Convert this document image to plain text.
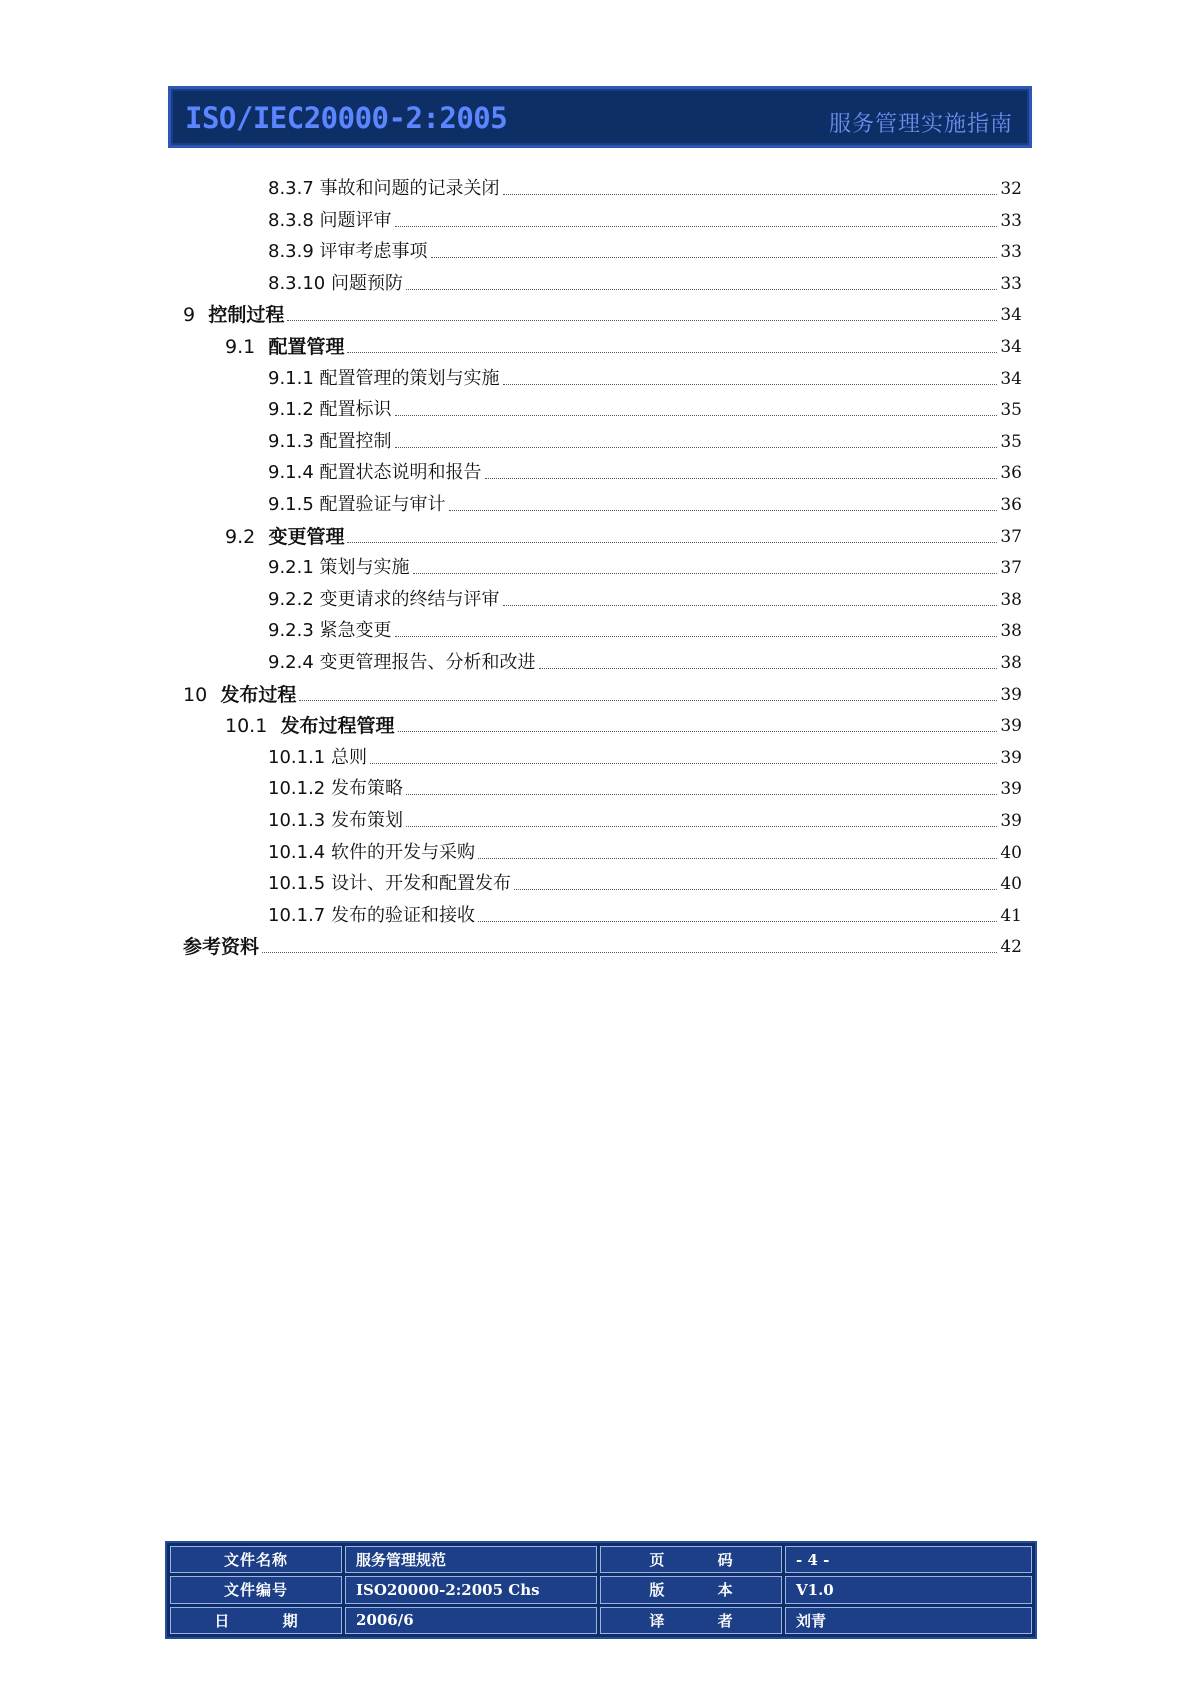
ISO/IEC20000-2:2005	服务管理实施指南
8.3.7 事故和问题的记录关闭	32
8.3.8 问题评审	33
8.3.9 评审考虑事项	33
8.3.10 问题预防	33
9 控制过程	34
9.1 配置管理	34
9.1.1 配置管理的策划与实施	34
9.1.2 配置标识	35
9.1.3 配置控制	35
9.1.4 配置状态说明和报告	36
9.1.5 配置验证与审计	36
9.2 变更管理	37
9.2.1 策划与实施	37
9.2.2 变更请求的终结与评审	38
9.2.3 紧急变更	38
9.2.4 变更管理报告、分析和改进	38
10 发布过程	39
10.1 发布过程管理	39
10.1.1 总则	39
10.1.2 发布策略	39
10.1.3 发布策划	39
10.1.4 软件的开发与采购	40
10.1.5 设计、开发和配置发布	40
10.1.7 发布的验证和接收	41
参考资料	42
文件名称	服务管理规范	页 码	- 4 -
文件编号	ISO20000-2:2005 Chs	版 本	V1.0
日 期	2006/6	译 者	刘青
